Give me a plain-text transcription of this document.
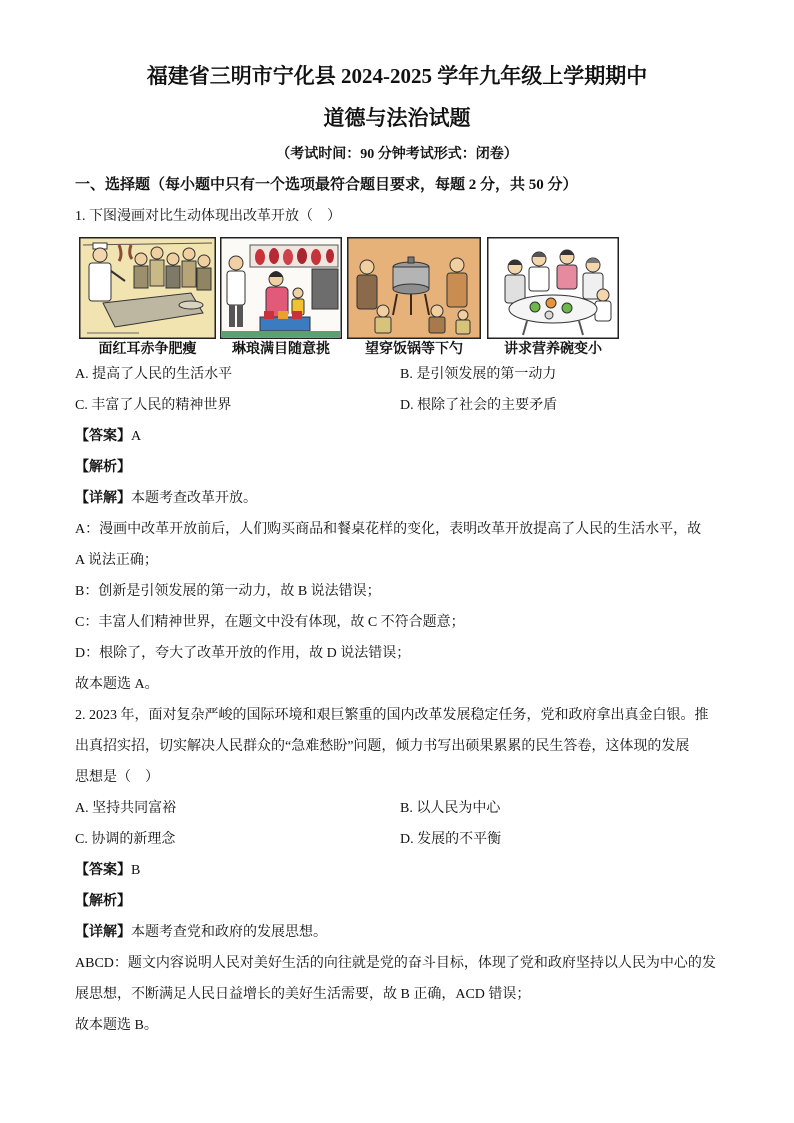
福建省三明市宁化县 2024-2025 学年九年级上学期期中
道德与法治试题
（考试时间：90 分钟考试形式：闭卷）
一、选择题（每小题中只有一个选项最符合题目要求，每题 2 分，共 50 分）
1. 下图漫画对比生动体现出改革开放（　）
面红耳赤争肥瘦	琳琅满目随意挑	望穿饭锅等下勺	讲求营养碗变小
A. 提高了人民的生活水平	B. 是引领发展的第一动力
C. 丰富了人民的精神世界	D. 根除了社会的主要矛盾
【答案】A
【解析】
【详解】本题考查改革开放。
A：漫画中改革开放前后，人们购买商品和餐桌花样的变化，表明改革开放提高了人民的生活水平，故
A 说法正确；
B：创新是引领发展的第一动力，故 B 说法错误；
C：丰富人们精神世界，在题文中没有体现，故 C 不符合题意；
D：根除了，夸大了改革开放的作用，故 D 说法错误；
故本题选 A。
2. 2023 年，面对复杂严峻的国际环境和艰巨繁重的国内改革发展稳定任务，党和政府拿出真金白银。推
出真招实招，切实解决人民群众的“急难愁盼”问题，倾力书写出硕果累累的民生答卷，这体现的发展
思想是（　）
A. 坚持共同富裕	B. 以人民为中心
C. 协调的新理念	D. 发展的不平衡
【答案】B
【解析】
【详解】本题考查党和政府的发展思想。
ABCD：题文内容说明人民对美好生活的向往就是党的奋斗目标，体现了党和政府坚持以人民为中心的发
展思想，不断满足人民日益增长的美好生活需要，故 B 正确，ACD 错误；
故本题选 B。
